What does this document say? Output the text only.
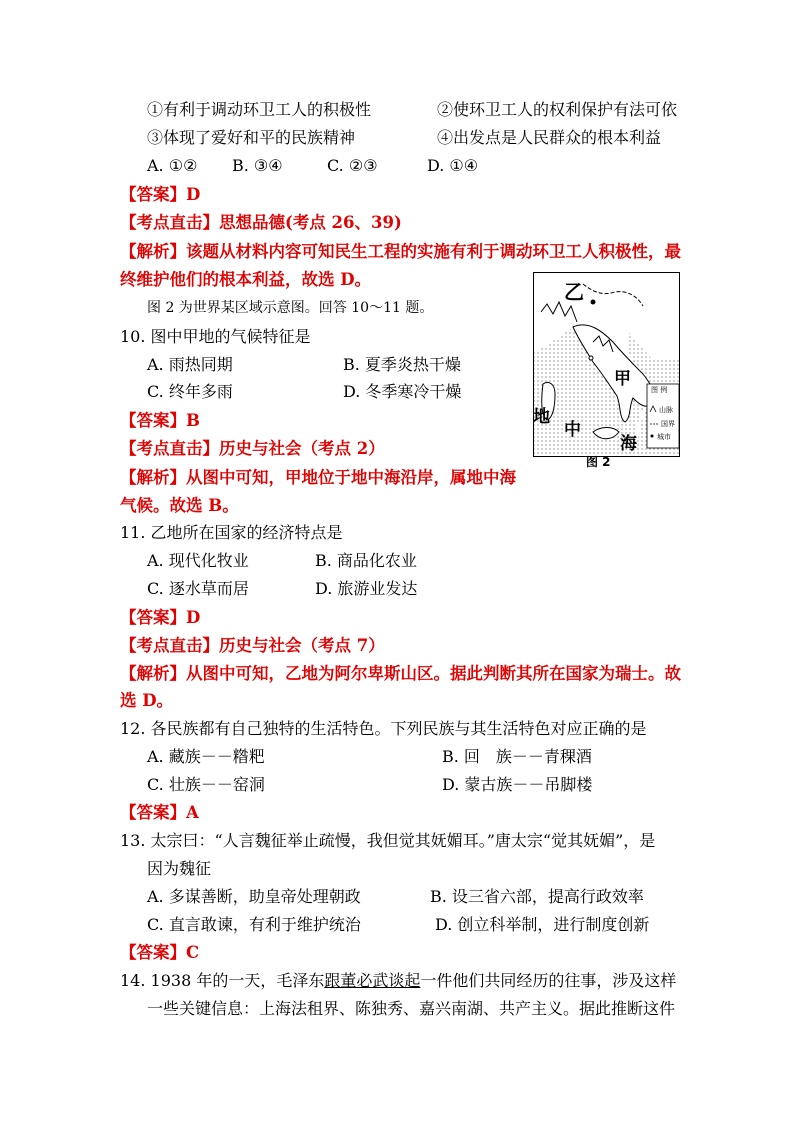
①有利于调动环卫工人的积极性	②使环卫工人的权利保护有法可依
③体现了爱好和平的民族精神	④出发点是人民群众的根本利益
A. ①② B. ③④	C. ②③	D. ①④
【答案】D
【考点直击】思想品德(考点 26、39)
【解析】该题从材料内容可知民生工程的实施有利于调动环卫工人积极性，最
终维护他们的根本利益，故选 D。
图 2 为世界某区域示意图。回答 10～11 题。
10. 图中甲地的气候特征是
A. 雨热同期	B. 夏季炎热干燥
C. 终年多雨	D. 冬季寒冷干燥
【答案】B
【考点直击】历史与社会（考点 2）
【解析】从图中可知，甲地位于地中海沿岸，属地中海
气候。故选 B。
11. 乙地所在国家的经济特点是
A. 现代化牧业	B. 商品化农业
C. 逐水草而居	D. 旅游业发达
【答案】D
【考点直击】历史与社会（考点 7）
【解析】从图中可知，乙地为阿尔卑斯山区。据此判断其所在国家为瑞士。故
选 D。
12. 各民族都有自己独特的生活特色。下列民族与其生活特色对应正确的是
A. 藏族－－糌粑	B. 回　族－－青稞酒
C. 壮族－－窑洞	D. 蒙古族－－吊脚楼
【答案】A
13. 太宗曰：“人言魏征举止疏慢，我但觉其妩媚耳。”唐太宗“觉其妩媚”，是
因为魏征
A. 多谋善断，助皇帝处理朝政	B. 设三省六部，提高行政效率
C. 直言敢谏，有利于维护统治	D. 创立科举制，进行制度创新
【答案】C
14. 1938 年的一天，毛泽东跟董必武谈起一件他们共同经历的往事，涉及这样
一些关键信息：上海法租界、陈独秀、嘉兴南湖、共产主义。据此推断这件
乙
甲
地
中
海
图 例
山脉
国界
城市
图 2
